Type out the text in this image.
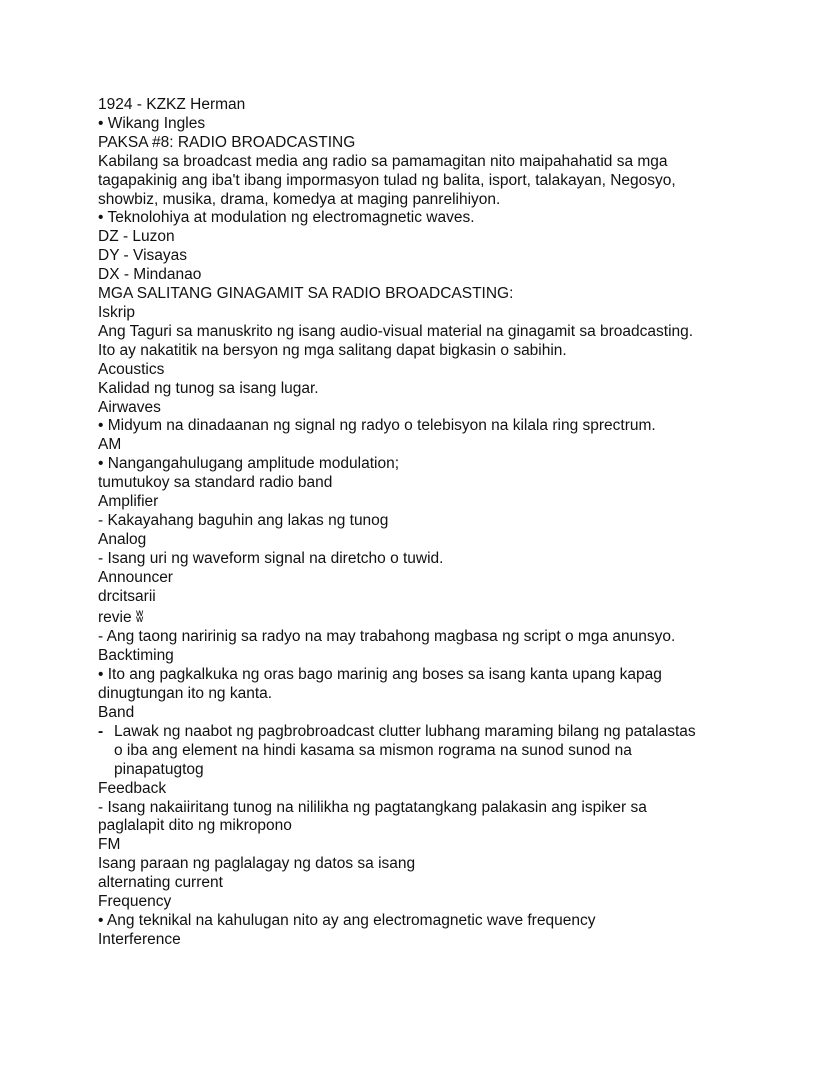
1924 - KZKZ Herman

• Wikang Ingles

PAKSA #8: RADIO BROADCASTING

Kabilang sa broadcast media ang radio sa pamamagitan nito maipahahatid sa mga

tagapakinig ang iba't ibang impormasyon tulad ng balita, isport, talakayan, Negosyo,

showbiz, musika, drama, komedya at maging panrelihiyon.

• Teknolohiya at modulation ng electromagnetic waves.

DZ - Luzon

DY - Visayas

DX - Mindanao

MGA SALITANG GINAGAMIT SA RADIO BROADCASTING:

Iskrip

Ang Taguri sa manuskrito ng isang audio-visual material na ginagamit sa broadcasting.

Ito ay nakatitik na bersyon ng mga salitang dapat bigkasin o sabihin.

Acoustics

Kalidad ng tunog sa isang lugar.

Airwaves

• Midyum na dinadaanan ng signal ng radyo o telebisyon na kilala ring sprectrum.

AM

• Nangangahulugang amplitude modulation;

tumutukoy sa standard radio band

Amplifier

- Kakayahang baguhin ang lakas ng tunog

Analog

- Isang uri ng waveform signal na diretcho o tuwid.

Announcer

drcitsarii

revie ʬ

- Ang taong naririnig sa radyo na may trabahong magbasa ng script o mga anunsyo.

Backtiming

• Ito ang pagkalkuka ng oras bago marinig ang boses sa isang kanta upang kapag

dinugtungan ito ng kanta.

Band

- Lawak ng naabot ng pagbrobroadcast clutter lubhang maraming bilang ng patalastas

o iba ang element na hindi kasama sa mismon rograma na sunod sunod na

pinapatugtog

Feedback

- Isang nakaiiritang tunog na nililikha ng pagtatangkang palakasin ang ispiker sa

paglalapit dito ng mikropono

FM

Isang paraan ng paglalagay ng datos sa isang

alternating current

Frequency

• Ang teknikal na kahulugan nito ay ang electromagnetic wave frequency

Interference
